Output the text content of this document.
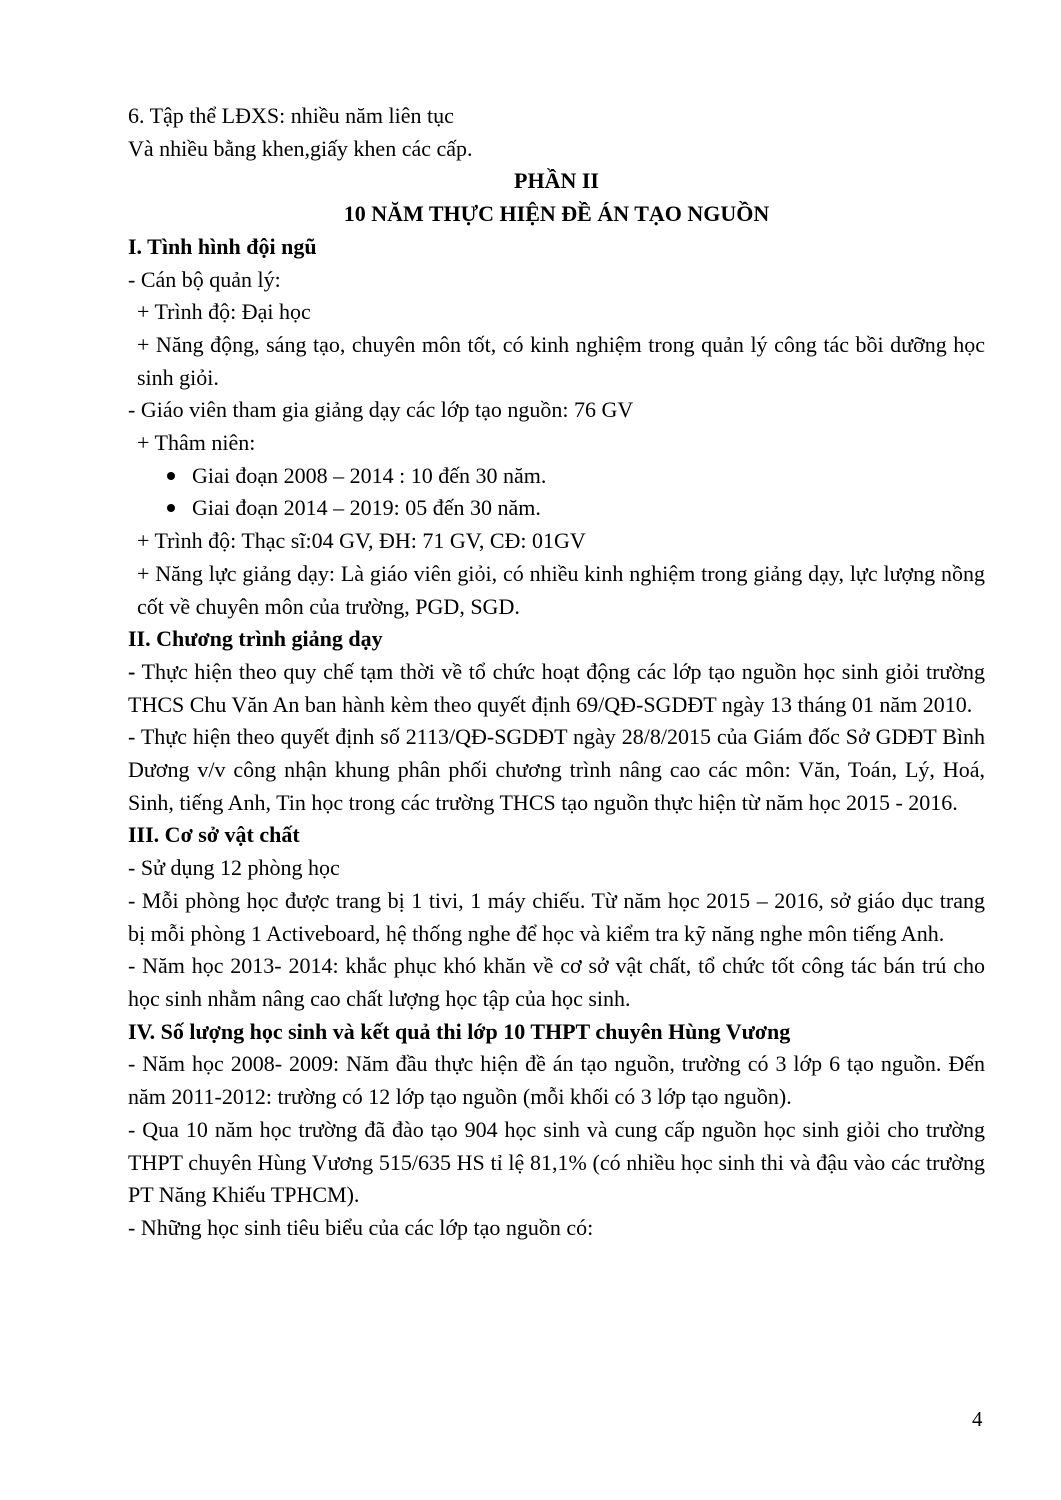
6. Tập thể LĐXS: nhiều năm liên tục

Và nhiều bằng khen,giấy khen các cấp.

PHẦN II

10 NĂM THỰC HIỆN ĐỀ ÁN TẠO NGUỒN

I. Tình hình đội ngũ

- Cán bộ quản lý:

+ Trình độ: Đại học

+ Năng động, sáng tạo, chuyên môn tốt, có kinh nghiệm trong quản lý công tác bồi dưỡng học sinh giỏi.

- Giáo viên tham gia giảng dạy các lớp tạo nguồn: 76 GV

+ Thâm niên:

Giai đoạn 2008 – 2014 : 10 đến 30 năm.

Giai đoạn 2014 – 2019: 05 đến 30 năm.

+ Trình độ: Thạc sĩ:04 GV, ĐH: 71 GV, CĐ: 01GV

+ Năng lực giảng dạy: Là giáo viên giỏi, có nhiều kinh nghiệm trong giảng dạy, lực lượng nồng cốt về chuyên môn của trường, PGD, SGD.

II. Chương trình giảng dạy

- Thực hiện theo quy chế tạm thời về tổ chức hoạt động các lớp tạo nguồn học sinh giỏi trường THCS Chu Văn An ban hành kèm theo quyết định 69/QĐ-SGDĐT ngày 13 tháng 01 năm 2010.

- Thực hiện theo quyết định số 2113/QĐ-SGDĐT ngày 28/8/2015 của Giám đốc Sở GDĐT Bình Dương v/v công nhận khung phân phối chương trình nâng cao các môn: Văn, Toán, Lý, Hoá, Sinh, tiếng Anh, Tin học trong các trường THCS tạo nguồn thực hiện từ năm học 2015 - 2016.

III. Cơ sở vật chất

- Sử dụng 12 phòng học

- Mỗi phòng học được trang bị 1 tivi, 1 máy chiếu. Từ năm học 2015 – 2016, sở giáo dục trang bị mỗi phòng 1 Activeboard, hệ thống nghe để học và kiểm tra kỹ năng nghe môn tiếng Anh.

- Năm học 2013- 2014: khắc phục khó khăn về cơ sở vật chất, tổ chức tốt công tác bán trú cho học sinh nhằm nâng cao chất lượng học tập của học sinh.

IV. Số lượng học sinh và kết quả thi lớp 10 THPT chuyên Hùng Vương

- Năm học 2008- 2009: Năm đầu thực hiện đề án tạo nguồn, trường có 3 lớp 6 tạo nguồn. Đến năm 2011-2012: trường có 12 lớp tạo nguồn (mỗi khối có 3 lớp tạo nguồn).

- Qua 10 năm học trường đã đào tạo 904 học sinh và cung cấp nguồn học sinh giỏi cho trường THPT chuyên Hùng Vương 515/635 HS tỉ lệ 81,1% (có nhiều học sinh thi và đậu vào các trường PT Năng Khiếu TPHCM).

- Những học sinh tiêu biểu của các lớp tạo nguồn có:

4
